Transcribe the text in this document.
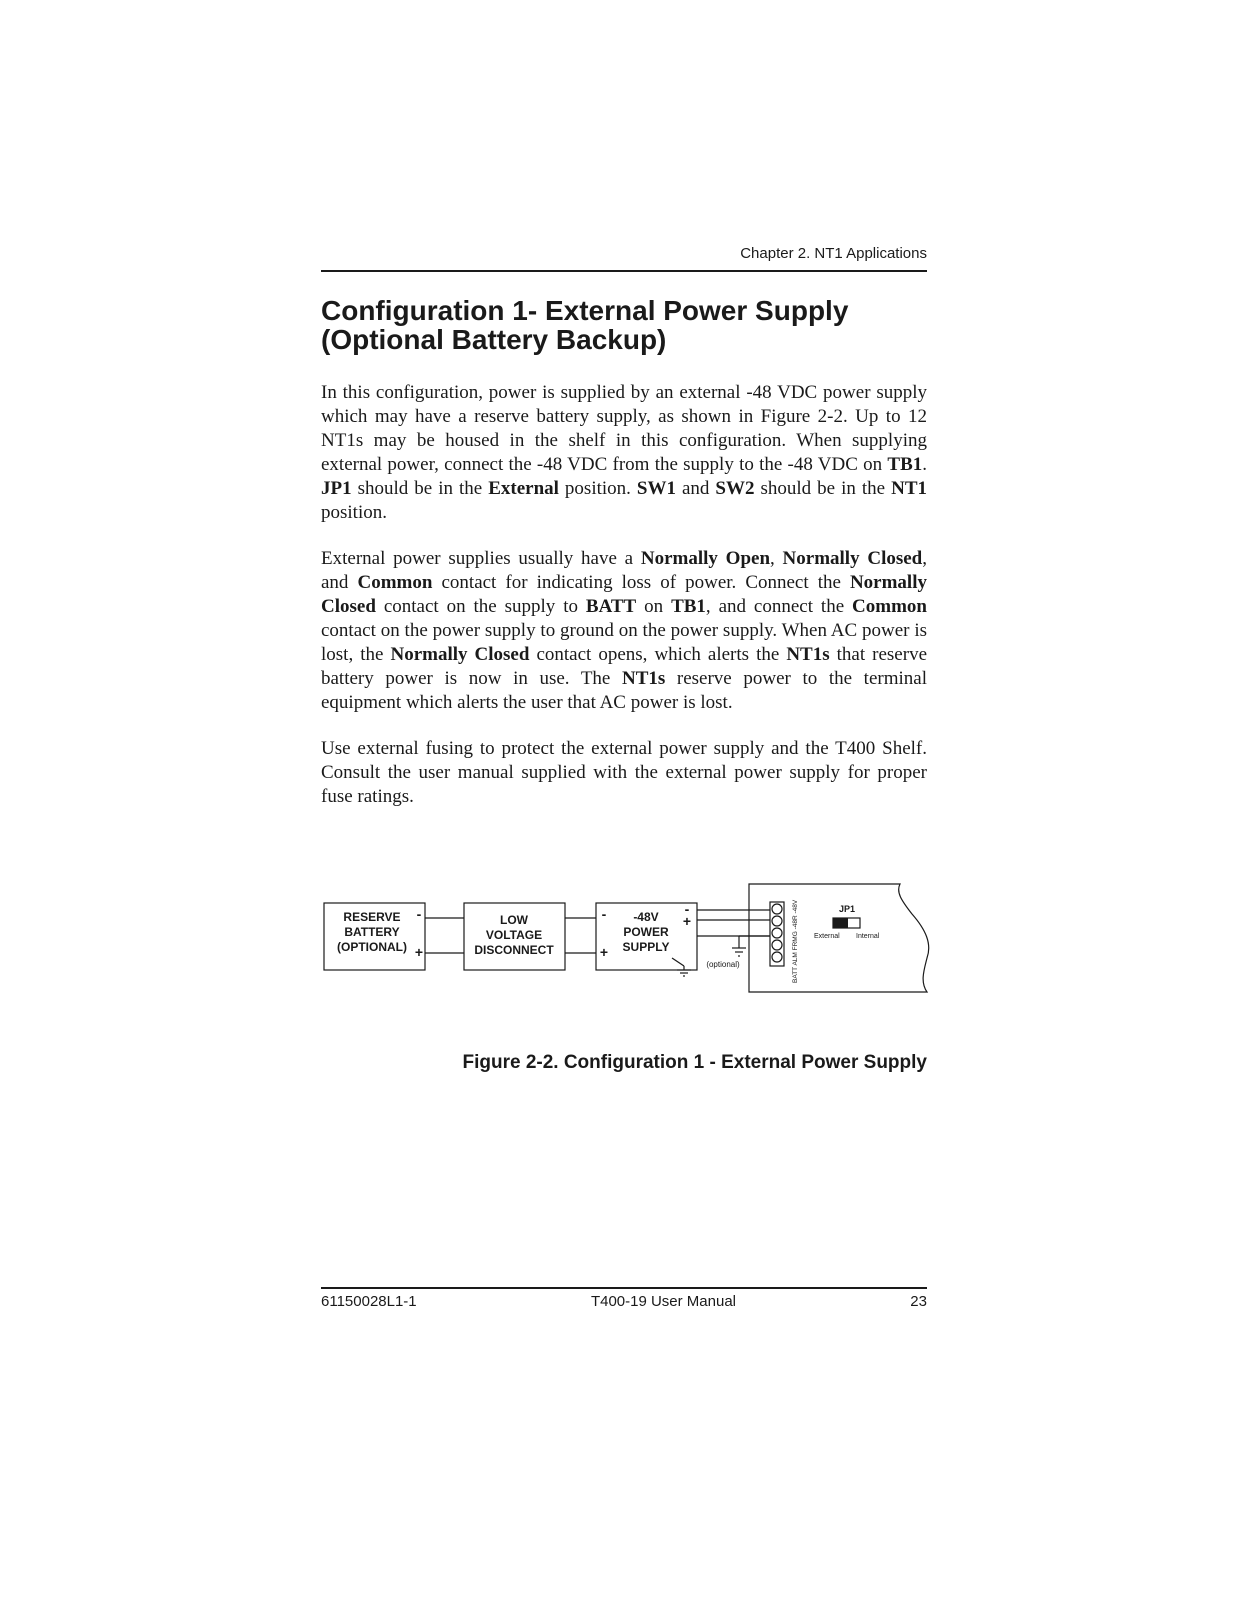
Chapter 2. NT1 Applications
Configuration 1- External Power Supply
(Optional Battery Backup)

In this configuration, power is supplied by an external -48 VDC power supply which may have a reserve battery supply, as shown in Figure 2-2. Up to 12 NT1s may be housed in the shelf in this configuration. When supplying external power, connect the -48 VDC from the supply to the -48 VDC on TB1. JP1 should be in the External position. SW1 and SW2 should be in the NT1 position.

External power supplies usually have a Normally Open, Normally Closed, and Common contact for indicating loss of power. Connect the Normally Closed contact on the supply to BATT on TB1, and connect the Common contact on the power supply to ground on the power supply. When AC power is lost, the Normally Closed contact opens, which alerts the NT1s that reserve battery power is now in use. The NT1s reserve power to the terminal equipment which alerts the user that AC power is lost.

Use external fusing to protect the external power supply and the T400 Shelf. Consult the user manual supplied with the external power supply for proper fuse ratings.

RESERVE
BATTERY
(OPTIONAL)
LOW
VOLTAGE
DISCONNECT
-48V
POWER
SUPPLY
-
+
-
+
-
+
(optional)	BATT ALM FRMG -48R -48V	JP1
External Internal
Figure 2-2. Configuration 1 - External Power Supply
61150028L1-1	T400-19 User Manual	23
